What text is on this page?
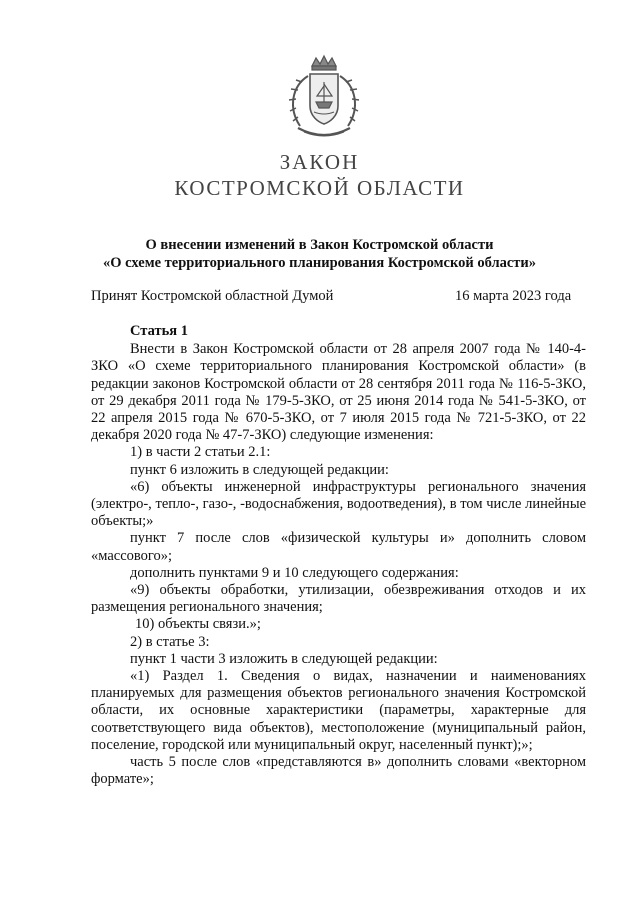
ЗАКОН
КОСТРОМСКОЙ ОБЛАСТИ
О внесении изменений в Закон Костромской области
«О схеме территориального планирования Костромской области»
Принят Костромской областной Думой	16 марта 2023 года

Статья 1

Внести в Закон Костромской области от 28 апреля 2007 года № 140-4-ЗКО «О схеме территориального планирования Костромской области» (в редакции законов Костромской области от 28 сентября 2011 года № 116-5-ЗКО, от 29 декабря 2011 года № 179-5-ЗКО, от 25 июня 2014 года № 541-5-ЗКО, от 22 апреля 2015 года № 670-5-ЗКО, от 7 июля 2015 года № 721-5-ЗКО, от 22 декабря 2020 года № 47-7-ЗКО) следующие изменения:

1) в части 2 статьи 2.1:

пункт 6 изложить в следующей редакции:

«6) объекты инженерной инфраструктуры регионального значения (электро-, тепло-, газо-, -водоснабжения, водоотведения), в том числе линейные объекты;»

пункт 7 после слов «физической культуры и» дополнить словом «массового»;

дополнить пунктами 9 и 10 следующего содержания:

«9) объекты обработки, утилизации, обезвреживания отходов и их размещения регионального значения;

10) объекты связи.»;

2) в статье 3:

пункт 1 части 3 изложить в следующей редакции:

«1) Раздел 1. Сведения о видах, назначении и наименованиях планируемых для размещения объектов регионального значения Костромской области, их основные характеристики (параметры, характерные для соответствующего вида объектов), местоположение (муниципальный район, поселение, городской или муниципальный округ, населенный пункт);»;

часть 5 после слов «представляются в» дополнить словами «векторном формате»;
